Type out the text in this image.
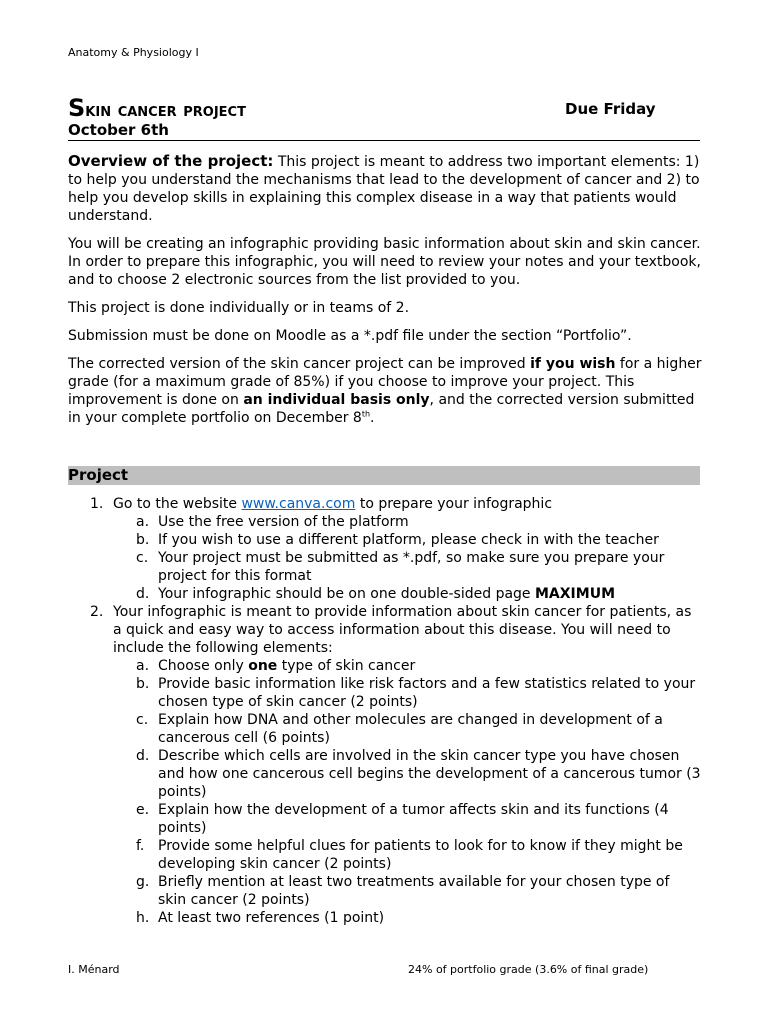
Anatomy & Physiology I
Skin cancer project	Due Friday
October 6th

Overview of the project: This project is meant to address two important elements: 1) to help you understand the mechanisms that lead to the development of cancer and 2) to help you develop skills in explaining this complex disease in a way that patients would understand.

You will be creating an infographic providing basic information about skin and skin cancer. In order to prepare this infographic, you will need to review your notes and your textbook, and to choose 2 electronic sources from the list provided to you.

This project is done individually or in teams of 2.

Submission must be done on Moodle as a *.pdf file under the section “Portfolio”.

The corrected version of the skin cancer project can be improved if you wish for a higher grade (for a maximum grade of 85%) if you choose to improve your project. This improvement is done on an individual basis only, and the corrected version submitted in your complete portfolio on December 8th.

Project
1. Go to the website www.canva.com to prepare your infographic
a. Use the free version of the platform
b. If you wish to use a different platform, please check in with the teacher
c. Your project must be submitted as *.pdf, so make sure you prepare your project for this format
d. Your infographic should be on one double-sided page MAXIMUM
2. Your infographic is meant to provide information about skin cancer for patients, as a quick and easy way to access information about this disease. You will need to include the following elements:
a. Choose only one type of skin cancer
b. Provide basic information like risk factors and a few statistics related to your chosen type of skin cancer (2 points)
c. Explain how DNA and other molecules are changed in development of a cancerous cell (6 points)
d. Describe which cells are involved in the skin cancer type you have chosen and how one cancerous cell begins the development of a cancerous tumor (3 points)
e. Explain how the development of a tumor affects skin and its functions (4 points)
f. Provide some helpful clues for patients to look for to know if they might be developing skin cancer (2 points)
g. Briefly mention at least two treatments available for your chosen type of skin cancer (2 points)
h. At least two references (1 point)
I. Ménard	24% of portfolio grade (3.6% of final grade)
